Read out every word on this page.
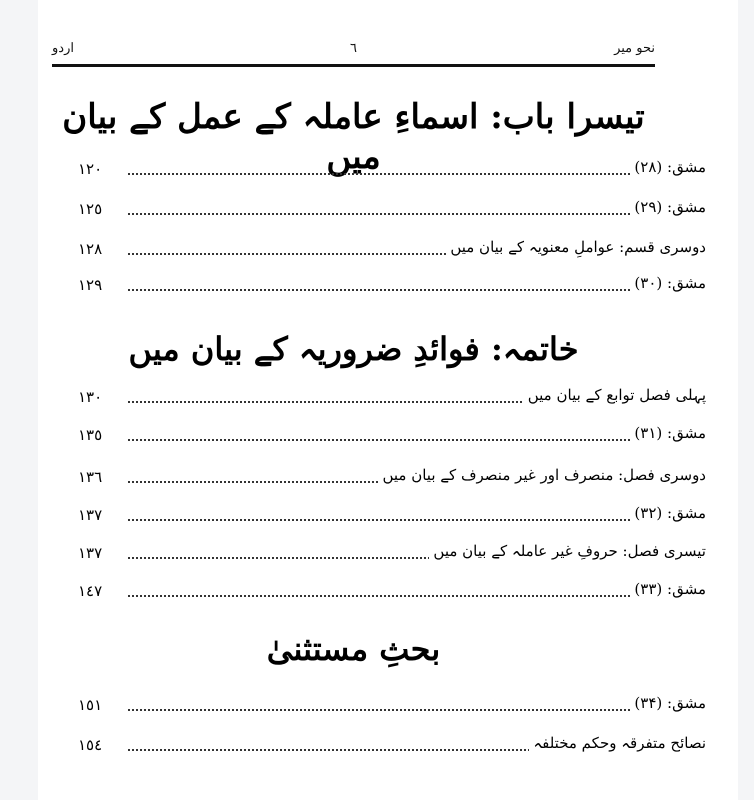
اردو	٦	نحو میر
تیسرا باب: اسماءِ عاملہ کے عمل کے بیان میں
١٢٠	مشق: (۲۸)
١٢٥	مشق: (۲۹)
١٢٨	دوسری قسم: عواملِ معنویہ کے بیان میں
١٢٩	مشق: (۳۰)
خاتمہ: فوائدِ ضروریہ کے بیان میں
١٣٠	پہلی فصل توابع کے بیان میں
١٣٥	مشق: (۳۱)
١٣٦	دوسری فصل: منصرف اور غیر منصرف کے بیان میں
١٣٧	مشق: (۳۲)
١٣٧	تیسری فصل: حروفِ غیر عاملہ کے بیان میں
١٤٧	مشق: (۳۳)
بحثِ مستثنیٰ
١٥١	مشق: (۳۴)
١٥٤	نصائح متفرقہ وحکم مختلفہ
